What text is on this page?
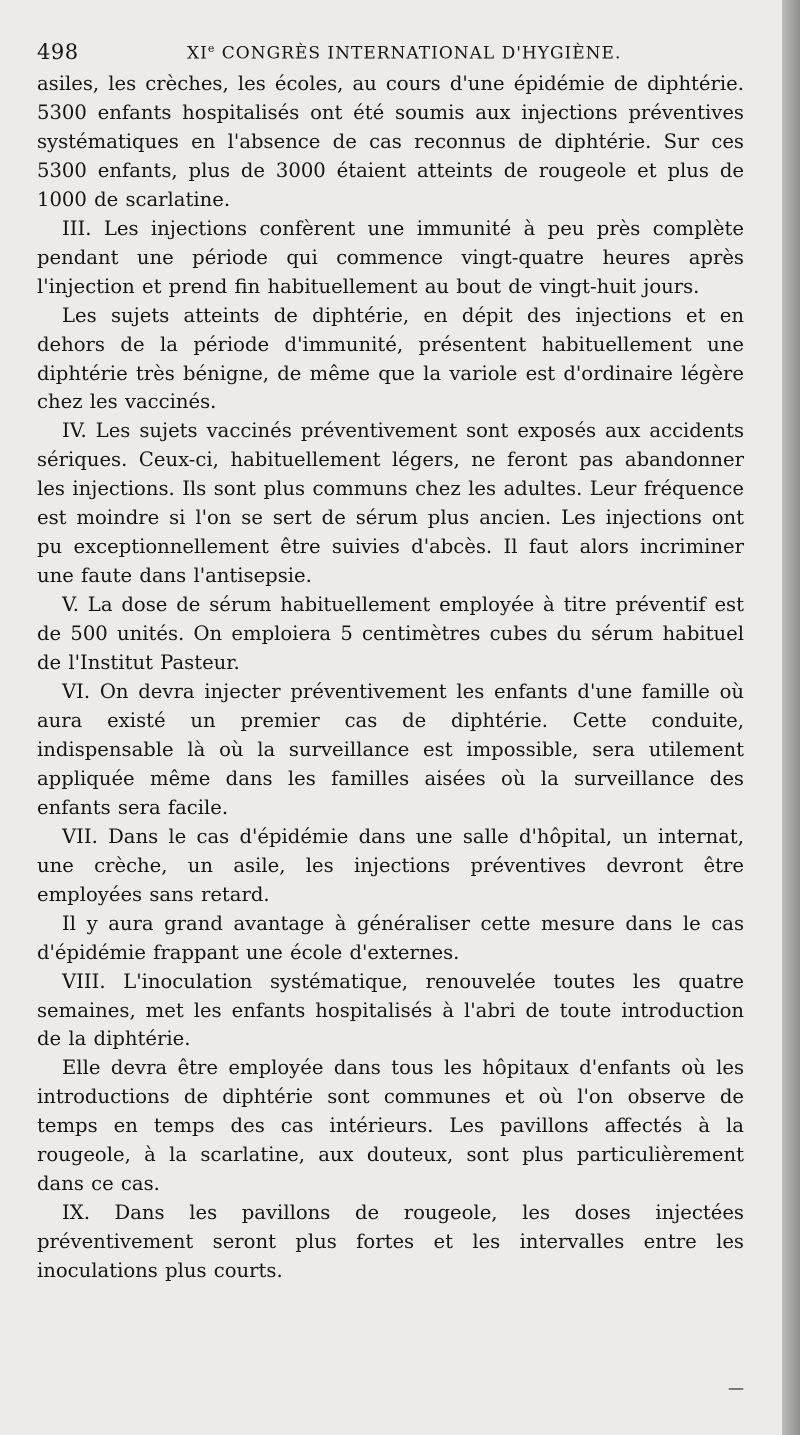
498	XIe CONGRÈS INTERNATIONAL D'HYGIÈNE.

asiles, les crèches, les écoles, au cours d'une épidémie de diphtérie. 5300 enfants hospitalisés ont été soumis aux injections préventives systématiques en l'absence de cas reconnus de diphtérie. Sur ces 5300 enfants, plus de 3000 étaient atteints de rougeole et plus de 1000 de scarlatine.

III. Les injections confèrent une immunité à peu près complète pendant une période qui commence vingt-quatre heures après l'injection et prend fin habituellement au bout de vingt-huit jours.

Les sujets atteints de diphtérie, en dépit des injections et en dehors de la période d'immunité, présentent habituellement une diphtérie très bénigne, de même que la variole est d'ordinaire légère chez les vaccinés.

IV. Les sujets vaccinés préventivement sont exposés aux accidents sériques. Ceux-ci, habituellement légers, ne feront pas abandonner les injections. Ils sont plus communs chez les adultes. Leur fréquence est moindre si l'on se sert de sérum plus ancien. Les injections ont pu exceptionnellement être suivies d'abcès. Il faut alors incriminer une faute dans l'antisepsie.

V. La dose de sérum habituellement employée à titre préventif est de 500 unités. On emploiera 5 centimètres cubes du sérum habituel de l'Institut Pasteur.

VI. On devra injecter préventivement les enfants d'une famille où aura existé un premier cas de diphtérie. Cette conduite, indispensable là où la surveillance est impossible, sera utilement appliquée même dans les familles aisées où la surveillance des enfants sera facile.

VII. Dans le cas d'épidémie dans une salle d'hôpital, un internat, une crèche, un asile, les injections préventives devront être employées sans retard.

Il y aura grand avantage à généraliser cette mesure dans le cas d'épidémie frappant une école d'externes.

VIII. L'inoculation systématique, renouvelée toutes les quatre semaines, met les enfants hospitalisés à l'abri de toute introduction de la diphtérie.

Elle devra être employée dans tous les hôpitaux d'enfants où les introductions de diphtérie sont communes et où l'on observe de temps en temps des cas intérieurs. Les pavillons affectés à la rougeole, à la scarlatine, aux douteux, sont plus particulièrement dans ce cas.

IX. Dans les pavillons de rougeole, les doses injectées préventivement seront plus fortes et les intervalles entre les inoculations plus courts.

—
